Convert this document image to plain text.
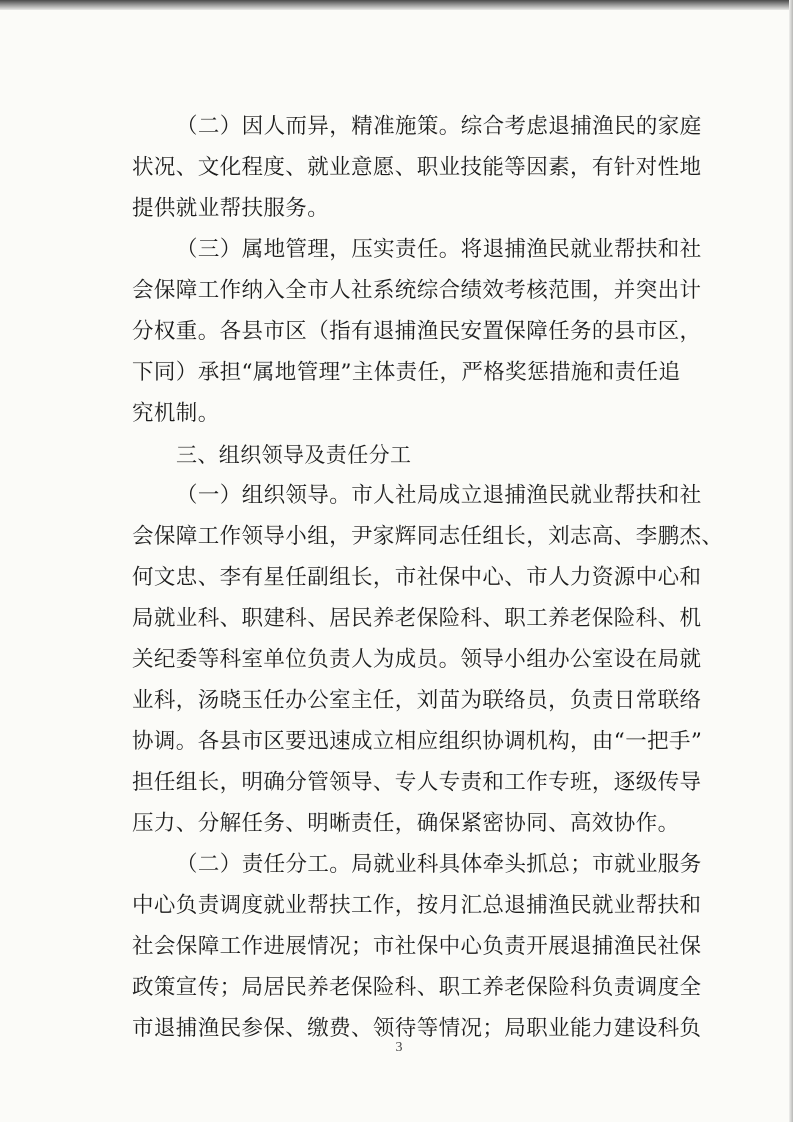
（二）因人而异，精准施策。综合考虑退捕渔民的家庭
状况、文化程度、就业意愿、职业技能等因素，有针对性地
提供就业帮扶服务。
（三）属地管理，压实责任。将退捕渔民就业帮扶和社
会保障工作纳入全市人社系统综合绩效考核范围，并突出计
分权重。各县市区（指有退捕渔民安置保障任务的县市区，
下同）承担“属地管理”主体责任，严格奖惩措施和责任追
究机制。
三、组织领导及责任分工
（一）组织领导。市人社局成立退捕渔民就业帮扶和社
会保障工作领导小组，尹家辉同志任组长，刘志高、李鹏杰、
何文忠、李有星任副组长，市社保中心、市人力资源中心和
局就业科、职建科、居民养老保险科、职工养老保险科、机
关纪委等科室单位负责人为成员。领导小组办公室设在局就
业科，汤晓玉任办公室主任，刘苗为联络员，负责日常联络
协调。各县市区要迅速成立相应组织协调机构，由“一把手”
担任组长，明确分管领导、专人专责和工作专班，逐级传导
压力、分解任务、明晰责任，确保紧密协同、高效协作。
（二）责任分工。局就业科具体牵头抓总；市就业服务
中心负责调度就业帮扶工作，按月汇总退捕渔民就业帮扶和
社会保障工作进展情况；市社保中心负责开展退捕渔民社保
政策宣传；局居民养老保险科、职工养老保险科负责调度全
市退捕渔民参保、缴费、领待等情况；局职业能力建设科负
3
